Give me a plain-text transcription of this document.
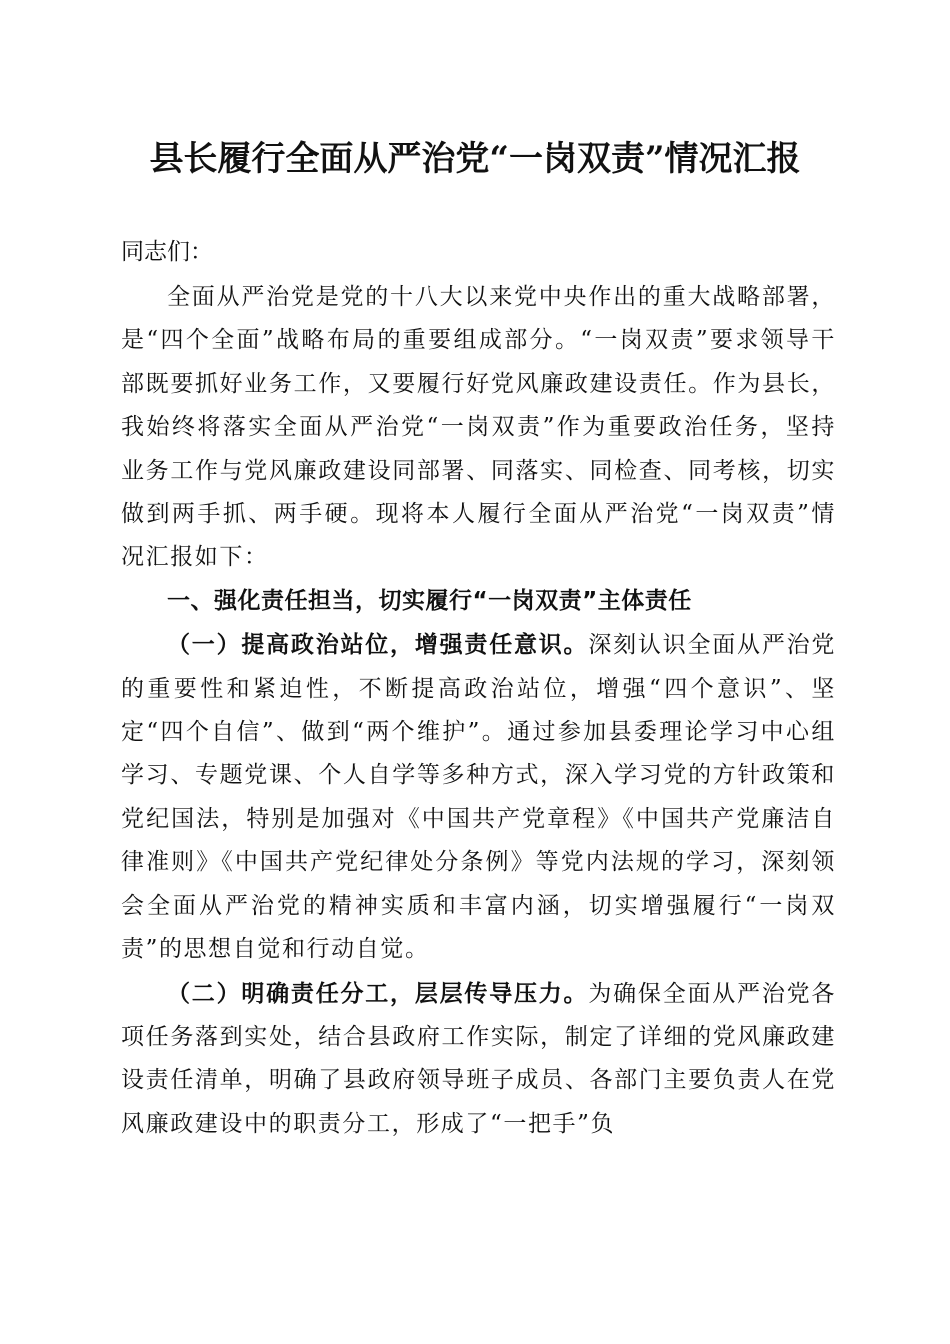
县长履行全面从严治党“一岗双责”情况汇报
同志们：

全面从严治党是党的十八大以来党中央作出的重大战略部署，是“四个全面”战略布局的重要组成部分。“一岗双责”要求领导干部既要抓好业务工作，又要履行好党风廉政建设责任。作为县长，我始终将落实全面从严治党“一岗双责”作为重要政治任务，坚持业务工作与党风廉政建设同部署、同落实、同检查、同考核，切实做到两手抓、两手硬。现将本人履行全面从严治党“一岗双责”情况汇报如下：

一、强化责任担当，切实履行“一岗双责”主体责任

（一）提高政治站位，增强责任意识。深刻认识全面从严治党的重要性和紧迫性，不断提高政治站位，增强“四个意识”、坚定“四个自信”、做到“两个维护”。通过参加县委理论学习中心组学习、专题党课、个人自学等多种方式，深入学习党的方针政策和党纪国法，特别是加强对《中国共产党章程》《中国共产党廉洁自律准则》《中国共产党纪律处分条例》等党内法规的学习，深刻领会全面从严治党的精神实质和丰富内涵，切实增强履行“一岗双责”的思想自觉和行动自觉。

（二）明确责任分工，层层传导压力。为确保全面从严治党各项任务落到实处，结合县政府工作实际，制定了详细的党风廉政建设责任清单，明确了县政府领导班子成员、各部门主要负责人在党风廉政建设中的职责分工，形成了“一把手”负
